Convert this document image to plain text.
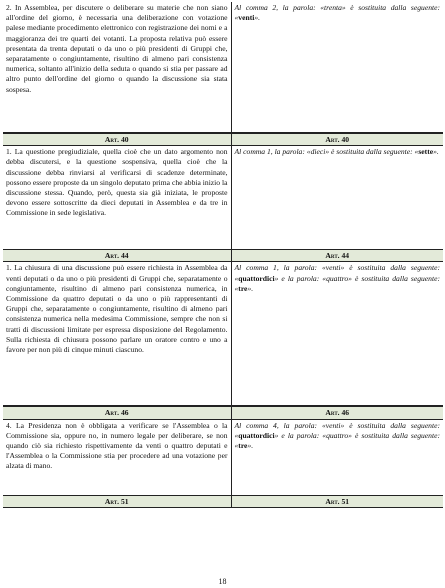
2. In Assemblea, per discutere o deliberare su materie che non siano all'ordine del giorno, è necessaria una deliberazione con votazione palese mediante procedimento elettronico con registrazione dei nomi e a maggioranza dei tre quarti dei votanti. La proposta relativa può essere presentata da trenta deputati o da uno o più presidenti di Gruppi che, separatamente o congiuntamente, risultino di almeno pari consistenza numerica, soltanto all'inizio della seduta o quando si stia per passare ad altro punto dell'ordine del giorno o quando la discussione sia stata sospesa.	Al comma 2, la parola: «trenta» è sostituita dalla seguente: «venti».
Art. 40	Art. 40
1. La questione pregiudiziale, quella cioè che un dato argomento non debba discutersi, e la questione sospensiva, quella cioè che la discussione debba rinviarsi al verificarsi di scadenze determinate, possono essere proposte da un singolo deputato prima che abbia inizio la discussione stessa. Quando, però, questa sia già iniziata, le proposte devono essere sottoscritte da dieci deputati in Assemblea e da tre in Commissione in sede legislativa.	Al comma 1, la parola: «dieci» è sostituita dalla seguente: «sette».
Art. 44	Art. 44
1. La chiusura di una discussione può essere richiesta in Assemblea da venti deputati o da uno o più presidenti di Gruppi che, separatamente o congiuntamente, risultino di almeno pari consistenza numerica, in Commissione da quattro deputati o da uno o più rappresentanti di Gruppi che, separatamente o congiuntamente, risultino di almeno pari consistenza numerica nella medesima Commissione, sempre che non si tratti di discussioni limitate per espressa disposizione del Regolamento. Sulla richiesta di chiusura possono parlare un oratore contro e uno a favore per non più di cinque minuti ciascuno.	Al comma 1, la parola: «venti» è sostituita dalla seguente: «quattordici» e la parola: «quattro» è sostituita dalla seguente: «tre».
Art. 46	Art. 46
4. La Presidenza non è obbligata a verificare se l'Assemblea o la Commissione sia, oppure no, in numero legale per deliberare, se non quando ciò sia richiesto rispettivamente da venti o quattro deputati e l'Assemblea o la Commissione stia per procedere ad una votazione per alzata di mano.	Al comma 4, la parola: «venti» è sostituita dalla seguente: «quattordici» e la parola: «quattro» è sostituita dalla seguente: «tre».
Art. 51	Art. 51
18
